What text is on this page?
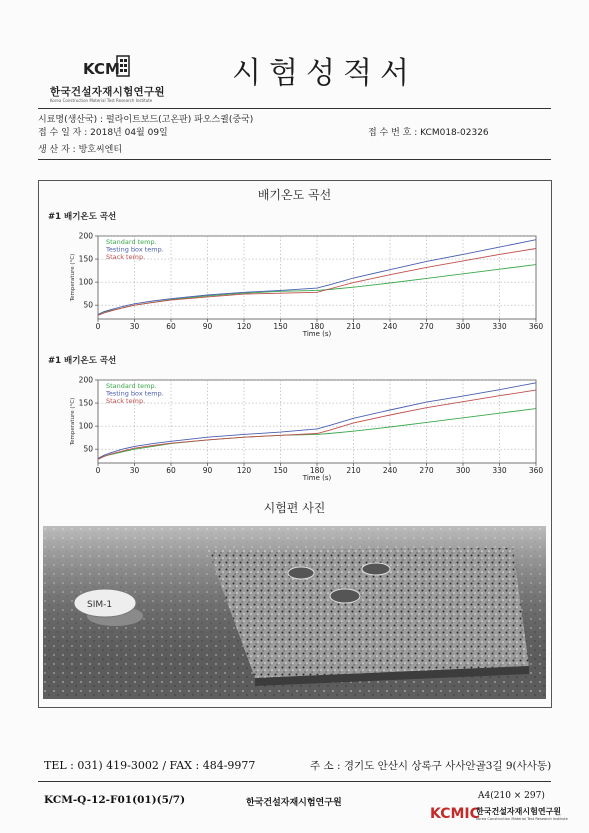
KCM
한국건설자재시험연구원
Korea Construction Material Test Research Institute
시험성적서
시료명(생산국) : 펄라이트보드(고온판) 파오스퀼(중국)
접 수 일 자 : 2018년 04월 09일	접 수 번 호 : KCM018-02326
생 산 자 : 방호씨엔티
배기온도 곡선
#1 배기온도 곡선
0	30	60	90	120	150	180	210	240	270	300	330	360
50
100
150
200
Time (s)
Temperature (°C)
Standard temp.
Testing box temp.
Stack temp.
#1 배기온도 곡선
0	30	60	90	120	150	180	210	240	270	300	330	360
50
100
150
200
Time (s)
Temperature (°C)
Standard temp.
Testing box temp.
Stack temp.
시험편 사진
SIM-1
TEL : 031) 419-3002 / FAX : 484-9977	주 소 : 경기도 안산시 상록구 사사안골3길 9(사사동)
KCM-Q-12-F01(01)(5/7)	한국건설자재시험연구원
A4(210 × 297)
KCMIC
한국건설자재시험연구원
Korea Construction Material Test Research Institute
